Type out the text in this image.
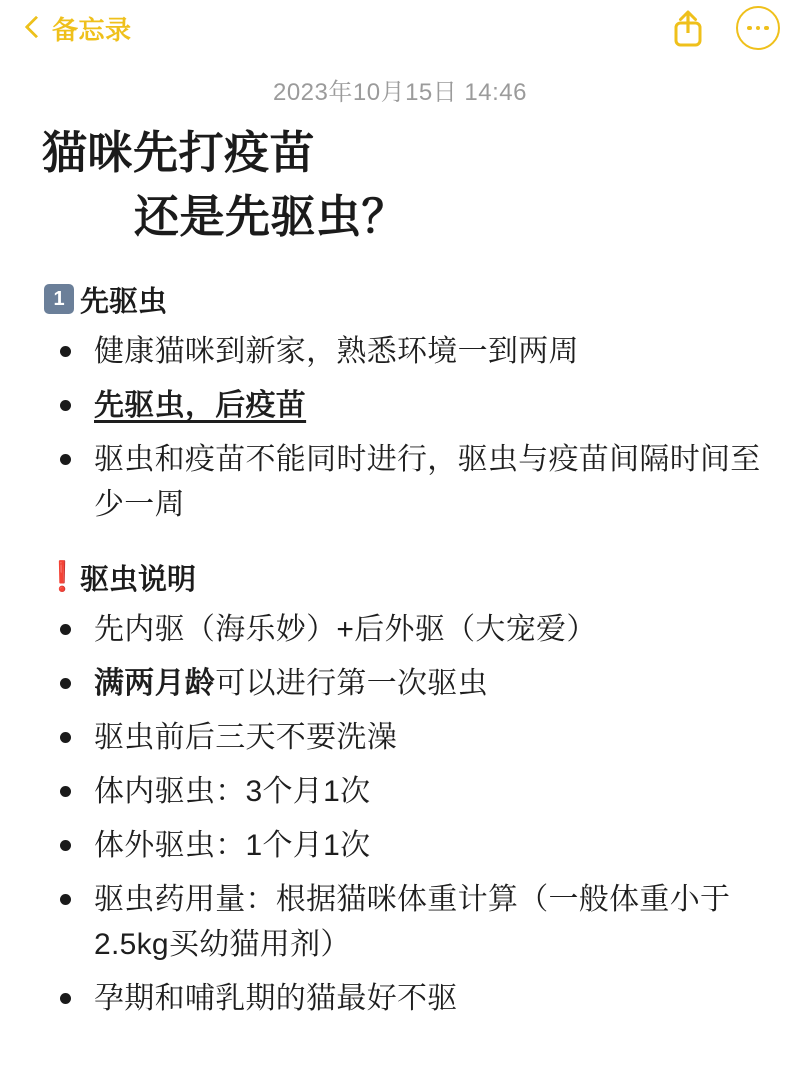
备忘录
2023年10月15日 14:46
猫咪先打疫苗
还是先驱虫？
1 先驱虫
健康猫咪到新家，熟悉环境一到两周
先驱虫，后疫苗
驱虫和疫苗不能同时进行，驱虫与疫苗间隔时间至少一周
❗ 驱虫说明
先内驱（海乐妙）+后外驱（大宠爱）
满两月龄可以进行第一次驱虫
驱虫前后三天不要洗澡
体内驱虫：3个月1次
体外驱虫：1个月1次
驱虫药用量：根据猫咪体重计算（一般体重小于2.5kg买幼猫用剂）
孕期和哺乳期的猫最好不驱
